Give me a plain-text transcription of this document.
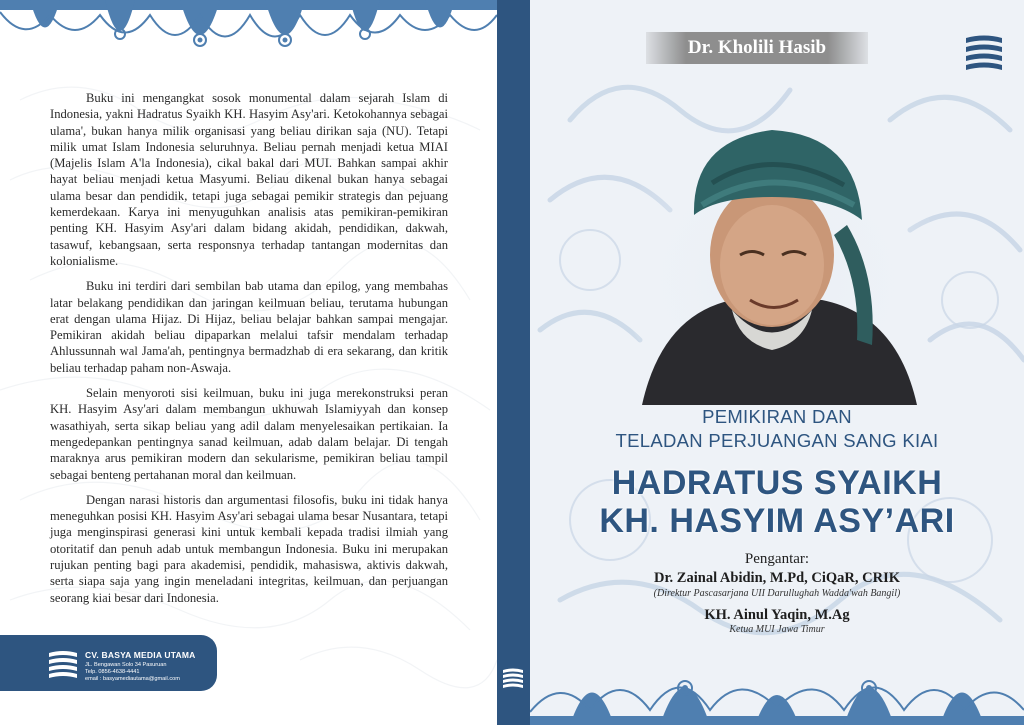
Buku ini mengangkat sosok monumental dalam sejarah Islam di Indonesia, yakni Hadratus Syaikh KH. Hasyim Asy'ari. Ketokohannya sebagai ulama', bukan hanya milik organisasi yang beliau dirikan saja (NU). Tetapi milik umat Islam Indonesia seluruhnya. Beliau pernah menjadi ketua MIAI (Majelis Islam A'la Indonesia), cikal bakal dari MUI. Bahkan sampai akhir hayat beliau menjadi ketua Masyumi. Beliau dikenal bukan hanya sebagai ulama besar dan pendidik, tetapi juga sebagai pemikir strategis dan pejuang kemerdekaan. Karya ini menyuguhkan analisis atas pemikiran-pemikiran penting KH. Hasyim Asy'ari dalam bidang akidah, pendidikan, dakwah, tasawuf, kebangsaan, serta responsnya terhadap tantangan modernitas dan kolonialisme.

Buku ini terdiri dari sembilan bab utama dan epilog, yang membahas latar belakang pendidikan dan jaringan keilmuan beliau, terutama hubungan erat dengan ulama Hijaz. Di Hijaz, beliau belajar bahkan sampai mengajar. Pemikiran akidah beliau dipaparkan melalui tafsir mendalam terhadap Ahlussunnah wal Jama'ah, pentingnya bermadzhab di era sekarang, dan kritik beliau terhadap paham non-Aswaja.

Selain menyoroti sisi keilmuan, buku ini juga merekonstruksi peran KH. Hasyim Asy'ari dalam membangun ukhuwah Islamiyyah dan konsep wasathiyah, serta sikap beliau yang adil dalam menyelesaikan pertikaian. Ia mengedepankan pentingnya sanad keilmuan, adab dalam belajar. Di tengah maraknya arus pemikiran modern dan sekularisme, pemikiran beliau tampil sebagai benteng pertahanan moral dan keilmuan.

Dengan narasi historis dan argumentasi filosofis, buku ini tidak hanya meneguhkan posisi KH. Hasyim Asy'ari sebagai ulama besar Nusantara, tetapi juga menginspirasi generasi kini untuk kembali kepada tradisi ilmiah yang otoritatif dan penuh adab untuk membangun Indonesia. Buku ini merupakan rujukan penting bagi para akademisi, pendidik, mahasiswa, aktivis dakwah, serta siapa saja yang ingin meneladani integritas, keilmuan, dan perjuangan seorang kiai besar dari Indonesia.

CV. BASYA MEDIA UTAMA
JL. Bengawan Solo 34 Pasuruan
Telp. 0856-4638-4441
email : basyamediautama@gmail.com
Dr. Kholili Hasib
PEMIKIRAN DAN
TELADAN PERJUANGAN SANG KIAI
HADRATUS SYAIKH
KH. HASYIM ASY’ARI
Pengantar:
Dr. Zainal Abidin, M.Pd, CiQaR, CRIK
(Direktur Pascasarjana UII Darullughah Wadda'wah Bangil)
KH. Ainul Yaqin, M.Ag
Ketua MUI Jawa Timur
